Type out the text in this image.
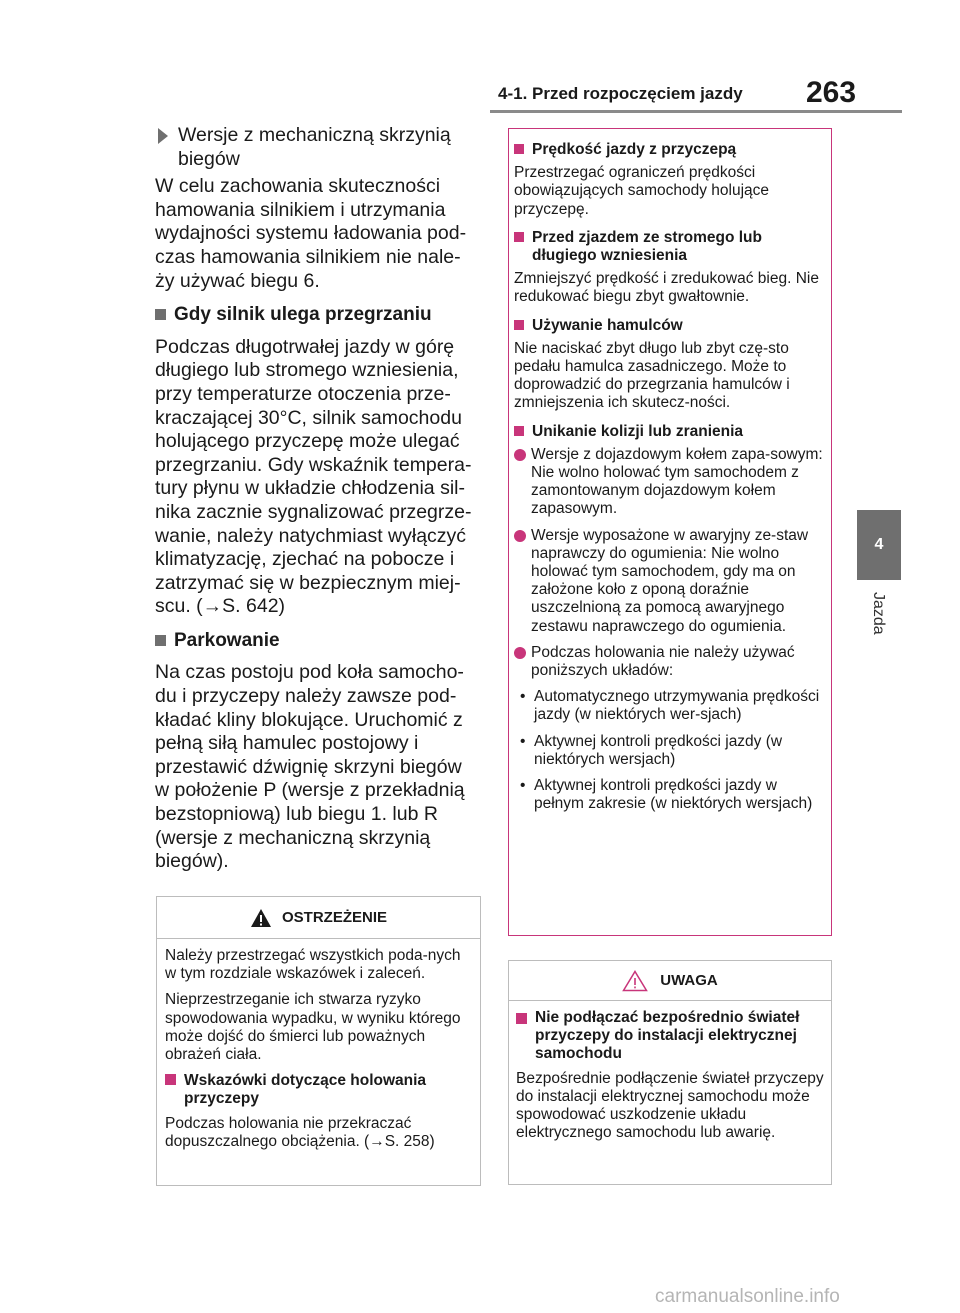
4-1. Przed rozpoczęciem jazdy 263
4
Jazda
Wersje z mechaniczną skrzynią biegów

W celu zachowania skuteczności hamowania silnikiem i utrzymania wydajności systemu ładowania pod-czas hamowania silnikiem nie nale-ży używać biegu 6.

Gdy silnik ulega przegrzaniu

Podczas długotrwałej jazdy w górę długiego lub stromego wzniesienia, przy temperaturze otoczenia prze-kraczającej 30°C, silnik samochodu holującego przyczepę może ulegać przegrzaniu. Gdy wskaźnik tempera-tury płynu w układzie chłodzenia sil-nika zacznie sygnalizować przegrze-wanie, należy natychmiast wyłączyć klimatyzację, zjechać na pobocze i zatrzymać się w bezpiecznym miej-scu. (→S. 642)

Parkowanie

Na czas postoju pod koła samocho-du i przyczepy należy zawsze pod-kładać kliny blokujące. Uruchomić z pełną siłą hamulec postojowy i przestawić dźwignię skrzyni biegów w położenie P (wersje z przekładnią bezstopniową) lub biegu 1. lub R (wersje z mechaniczną skrzynią biegów).

OSTRZEŻENIE

Należy przestrzegać wszystkich poda-nych w tym rozdziale wskazówek i zaleceń.

Nieprzestrzeganie ich stwarza ryzyko spowodowania wypadku, w wyniku którego może dojść do śmierci lub poważnych obrażeń ciała.

Wskazówki dotyczące holowania przyczepy

Podczas holowania nie przekraczać dopuszczalnego obciążenia. (→S. 258)

Prędkość jazdy z przyczepą

Przestrzegać ograniczeń prędkości obowiązujących samochody holujące przyczepę.

Przed zjazdem ze stromego lub długiego wzniesienia

Zmniejszyć prędkość i zredukować bieg. Nie redukować biegu zbyt gwałtownie.

Używanie hamulców

Nie naciskać zbyt długo lub zbyt czę-sto pedału hamulca zasadniczego. Może to doprowadzić do przegrzania hamulców i zmniejszenia ich skutecz-ności.

Unikanie kolizji lub zranienia
Wersje z dojazdowym kołem zapa-sowym: Nie wolno holować tym samochodem z zamontowanym dojazdowym kołem zapasowym.
Wersje wyposażone w awaryjny ze-staw naprawczy do ogumienia: Nie wolno holować tym samochodem, gdy ma on założone koło z oponą doraźnie uszczelnioną za pomocą awaryjnego zestawu naprawczego do ogumienia.
Podczas holowania nie należy używać poniższych układów:
• Automatycznego utrzymywania prędkości jazdy (w niektórych wer-sjach)
• Aktywnej kontroli prędkości jazdy (w niektórych wersjach)
• Aktywnej kontroli prędkości jazdy w pełnym zakresie (w niektórych wersjach)
UWAGA
Nie podłączać bezpośrednio świateł przyczepy do instalacji elektrycznej samochodu

Bezpośrednie podłączenie świateł przyczepy do instalacji elektrycznej samochodu może spowodować uszkodzenie układu elektrycznego samochodu lub awarię.

carmanualsonline.info
